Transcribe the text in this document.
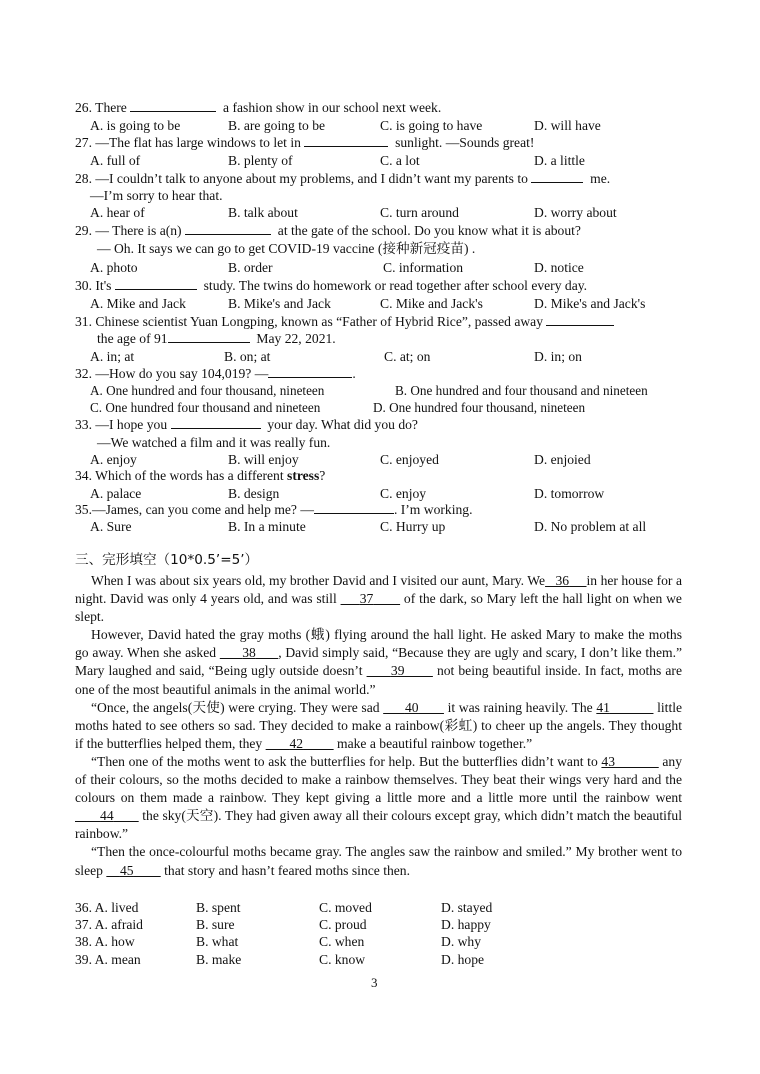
26. There	a fashion show in our school next week.
A. is going to be	B. are going to be	C. is going to have	D. will have
27. —The flat has large windows to let in	sunlight. —Sounds great!
A. full of	B. plenty of	C. a lot	D. a little
28. —I couldn’t talk to anyone about my problems, and I didn’t want my parents to	me.
—I’m sorry to hear that.
A. hear of	B. talk about	C. turn around	D. worry about
29. — There is a(n)	at the gate of the school. Do you know what it is about?
— Oh. It says we can go to get COVID-19 vaccine (接种新冠疫苗) .
A. photo	B. order	C. information	D. notice
30. It's	study. The twins do homework or read together after school every day.
A. Mike and Jack	B. Mike's and Jack	C. Mike and Jack's	D. Mike's and Jack's
31. Chinese scientist Yuan Longping, known as “Father of Hybrid Rice”, passed away
the age of 91	May 22, 2021.
A. in; at	B. on; at	C. at; on	D. in; on
32. —How do you say 104,019? —	.
A. One hundred and four thousand, nineteen	B. One hundred and four thousand and nineteen
C. One hundred four thousand and nineteen	D. One hundred four thousand, nineteen
33. —I hope you	your day. What did you do?
—We watched a film and it was really fun.
A. enjoy	B. will enjoy	C. enjoyed	D. enjoied
34. Which of the words has a different stress?
A. palace	B. design	C. enjoy	D. tomorrow
35.—James, can you come and help me? —	. I’m working.
A. Sure	B. In a minute	C. Hurry up	D. No problem at all
三、完形填空（10*0.5’=5’）

When I was about six years old, my brother David and I visited our aunt, Mary. We 36 in her house for a night. David was only 4 years old, and was still 37 of the dark, so Mary left the hall light on when we slept.

However, David hated the gray moths (蛾) flying around the hall light. He asked Mary to make the moths go away. When she asked 38 , David simply said, “Because they are ugly and scary, I don’t like them.” Mary laughed and said, “Being ugly outside doesn’t 39 not being beautiful inside. In fact, moths are one of the most beautiful animals in the animal world.”

“Once, the angels(天使) were crying. They were sad 40 it was raining heavily. The 41	little moths hated to see others so sad. They decided to make a rainbow(彩虹) to cheer up the angels. They thought if the butterflies helped them, they 42	make a beautiful rainbow together.”

“Then one of the moths went to ask the butterflies for help. But the butterflies didn’t want to 43	any of their colours, so the moths decided to make a rainbow themselves. They beat their wings very hard and the colours on them made a rainbow. They kept giving a little more and a little more until the rainbow went        44 the sky(天空). They had given away all their colours except gray, which didn’t match the beautiful rainbow.”

“Then the once-colourful moths became gray. The angles saw the rainbow and smiled.” My brother went to sleep 45 that story and hasn’t feared moths since then.

36. A. lived	B. spent	C. moved	D. stayed
37. A. afraid	B. sure	C. proud	D. happy
38. A. how	B. what	C. when	D. why
39. A. mean	B. make	C. know	D. hope
3
